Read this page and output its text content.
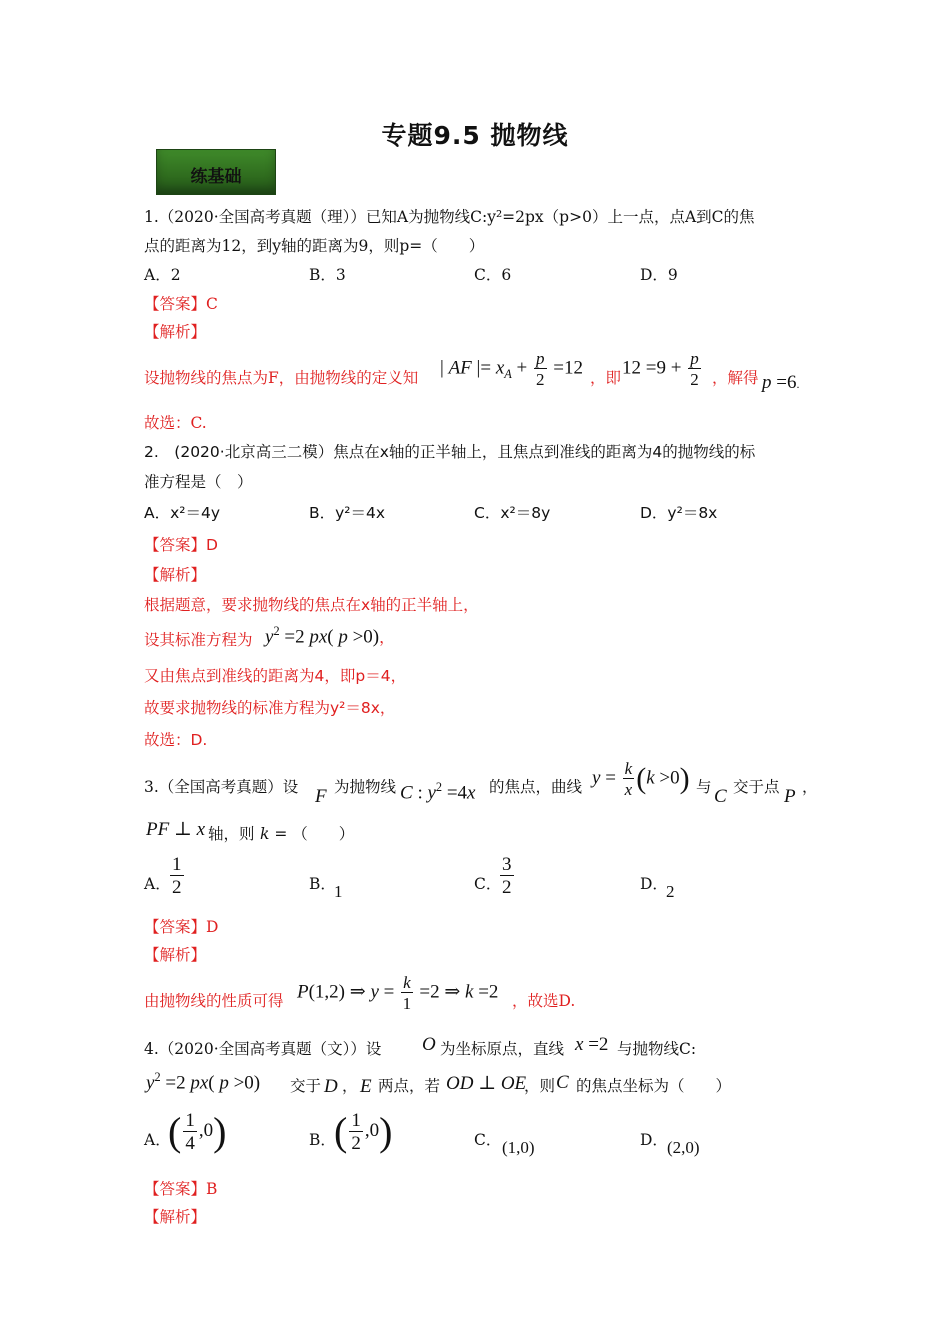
专题9.5 抛物线
练基础
1.（2020·全国高考真题（理））已知A为抛物线C:y²=2px（p>0）上一点，点A到C的焦
点的距离为12，到y轴的距离为9，则p=（　　）
A．2	B．3	C．6	D．9
【答案】C
【解析】
设抛物线的焦点为F，由抛物线的定义知 | AF |= $x_A + \frac{p}{2} =12$ ，即 $12 =9 + \frac{p}{2}$ ，解得 p =6.
故选：C.
2.　(2020·北京高三二模）焦点在x轴的正半轴上，且焦点到准线的距离为4的抛物线的标
准方程是（　）
A．x²＝4y	B．y²＝4x	C．x²＝8y	D．y²＝8x
【答案】D
【解析】
根据题意，要求抛物线的焦点在x轴的正半轴上，
设其标准方程为 $y^2 =2$ px( p >0)，
又由焦点到准线的距离为4，即p＝4，
故要求抛物线的标准方程为y²＝8x，
故选：D.
3.（全国高考真题）设 F 为抛物线 C : $y^2 =4x$ 的焦点，曲线 $y = \frac{k}{x} (k >0)$ 与 C 交于点 P ，
PF ⊥ x 轴，则 k = （　　）
A． $\frac{1}{2}$	B．
1	C．
$\frac{3}{2}$	D．
2
【答案】D
【解析】
由抛物线的性质可得 P(1,2) ⇒ $y = \frac{k}{1} =2$ ⇒ k =2 ，故选D.
4.（2020·全国高考真题（文））设 O 为坐标原点，直线 x =2 与抛物线C:
$y^2 =2$ px( p >0) 交于 D ， E 两点，若 OD ⊥ OE
，则 C 的焦点坐标为（　　）
A．
( $\frac{1}{4} ,0$)	B．
( $\frac{1}{2} ,0$)	C． (1,0)	D． (2,0)
【答案】B
【解析】
